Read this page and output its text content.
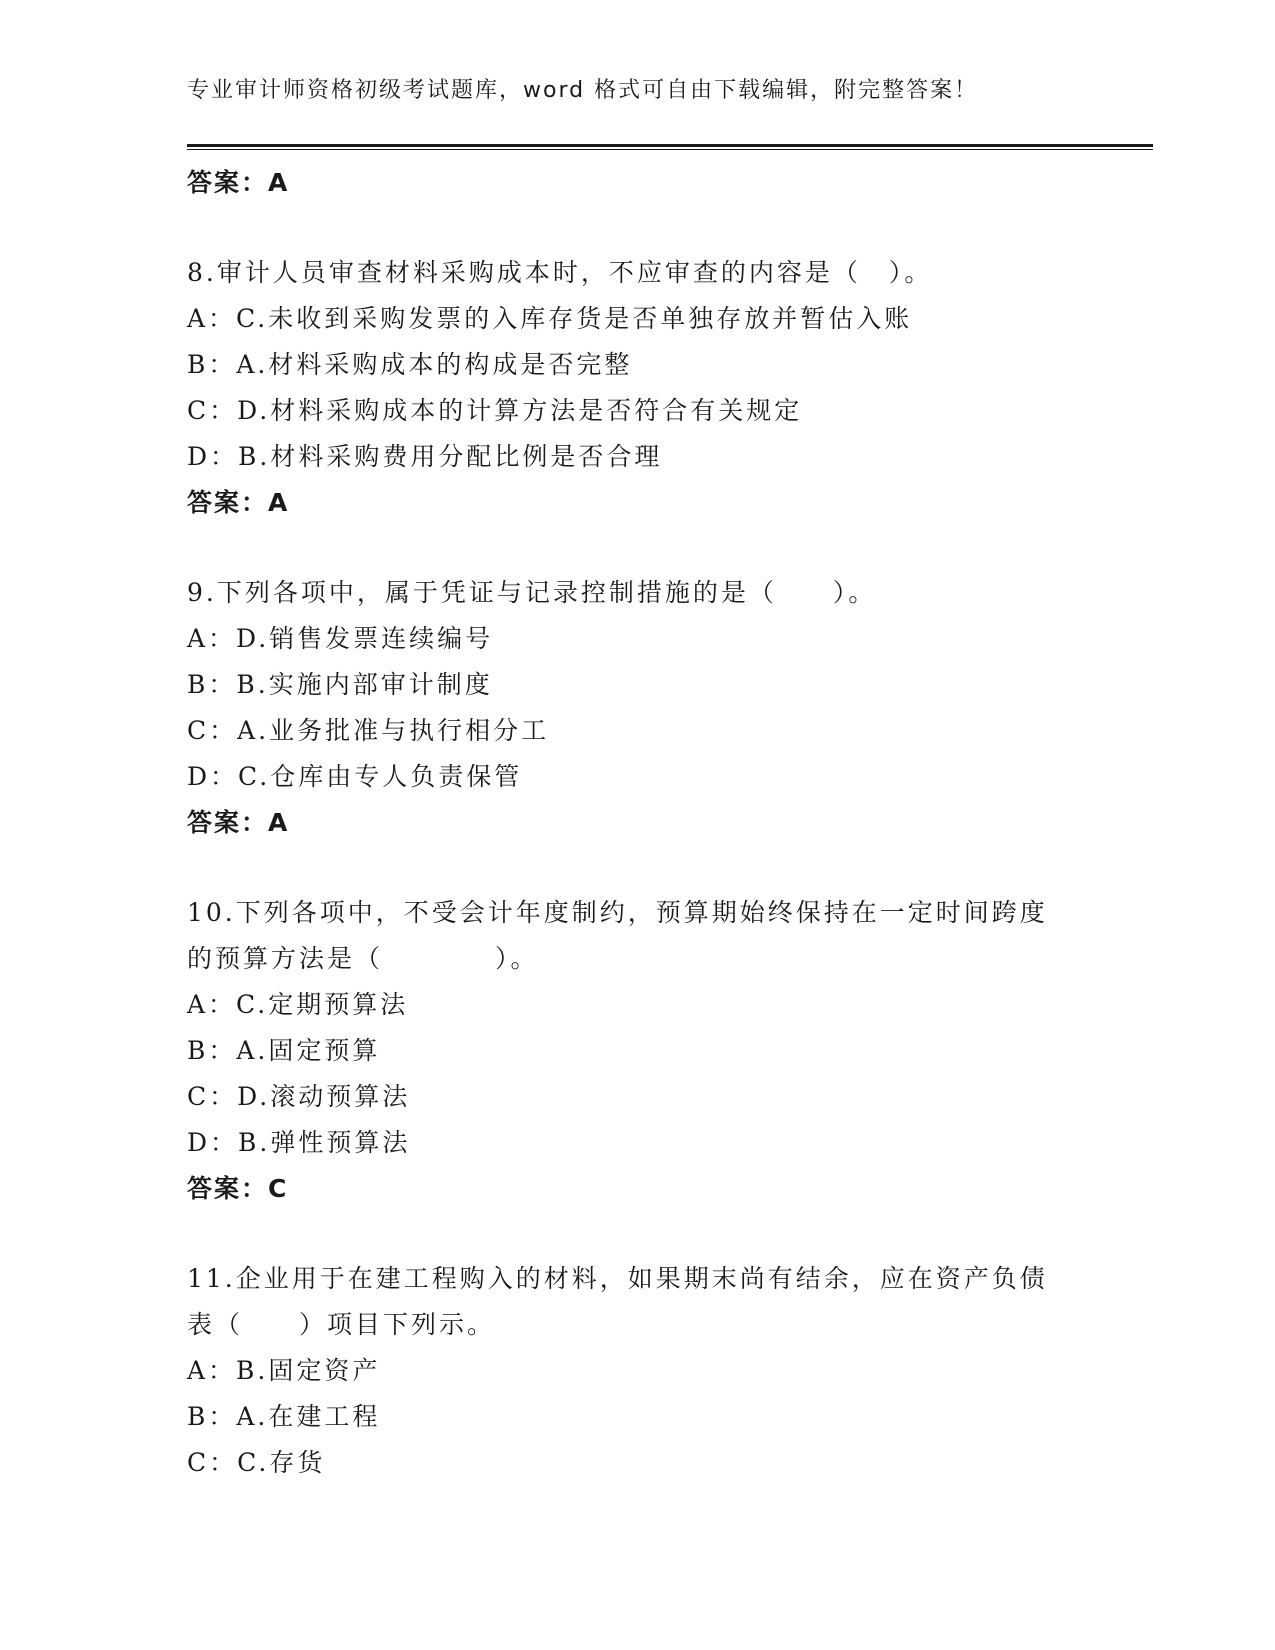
专业审计师资格初级考试题库，word 格式可自由下载编辑，附完整答案！
答案：A
8.审计人员审查材料采购成本时，不应审查的内容是（　）。
A：C.未收到采购发票的入库存货是否单独存放并暂估入账
B：A.材料采购成本的构成是否完整
C：D.材料采购成本的计算方法是否符合有关规定
D：B.材料采购费用分配比例是否合理
答案：A
9.下列各项中，属于凭证与记录控制措施的是（　　）。
A：D.销售发票连续编号
B：B.实施内部审计制度
C：A.业务批准与执行相分工
D：C.仓库由专人负责保管
答案：A
10.下列各项中，不受会计年度制约，预算期始终保持在一定时间跨度
的预算方法是（　　　　）。
A：C.定期预算法
B：A.固定预算
C：D.滚动预算法
D：B.弹性预算法
答案：C
11.企业用于在建工程购入的材料，如果期末尚有结余，应在资产负债
表（　　）项目下列示。
A：B.固定资产
B：A.在建工程
C：C.存货
